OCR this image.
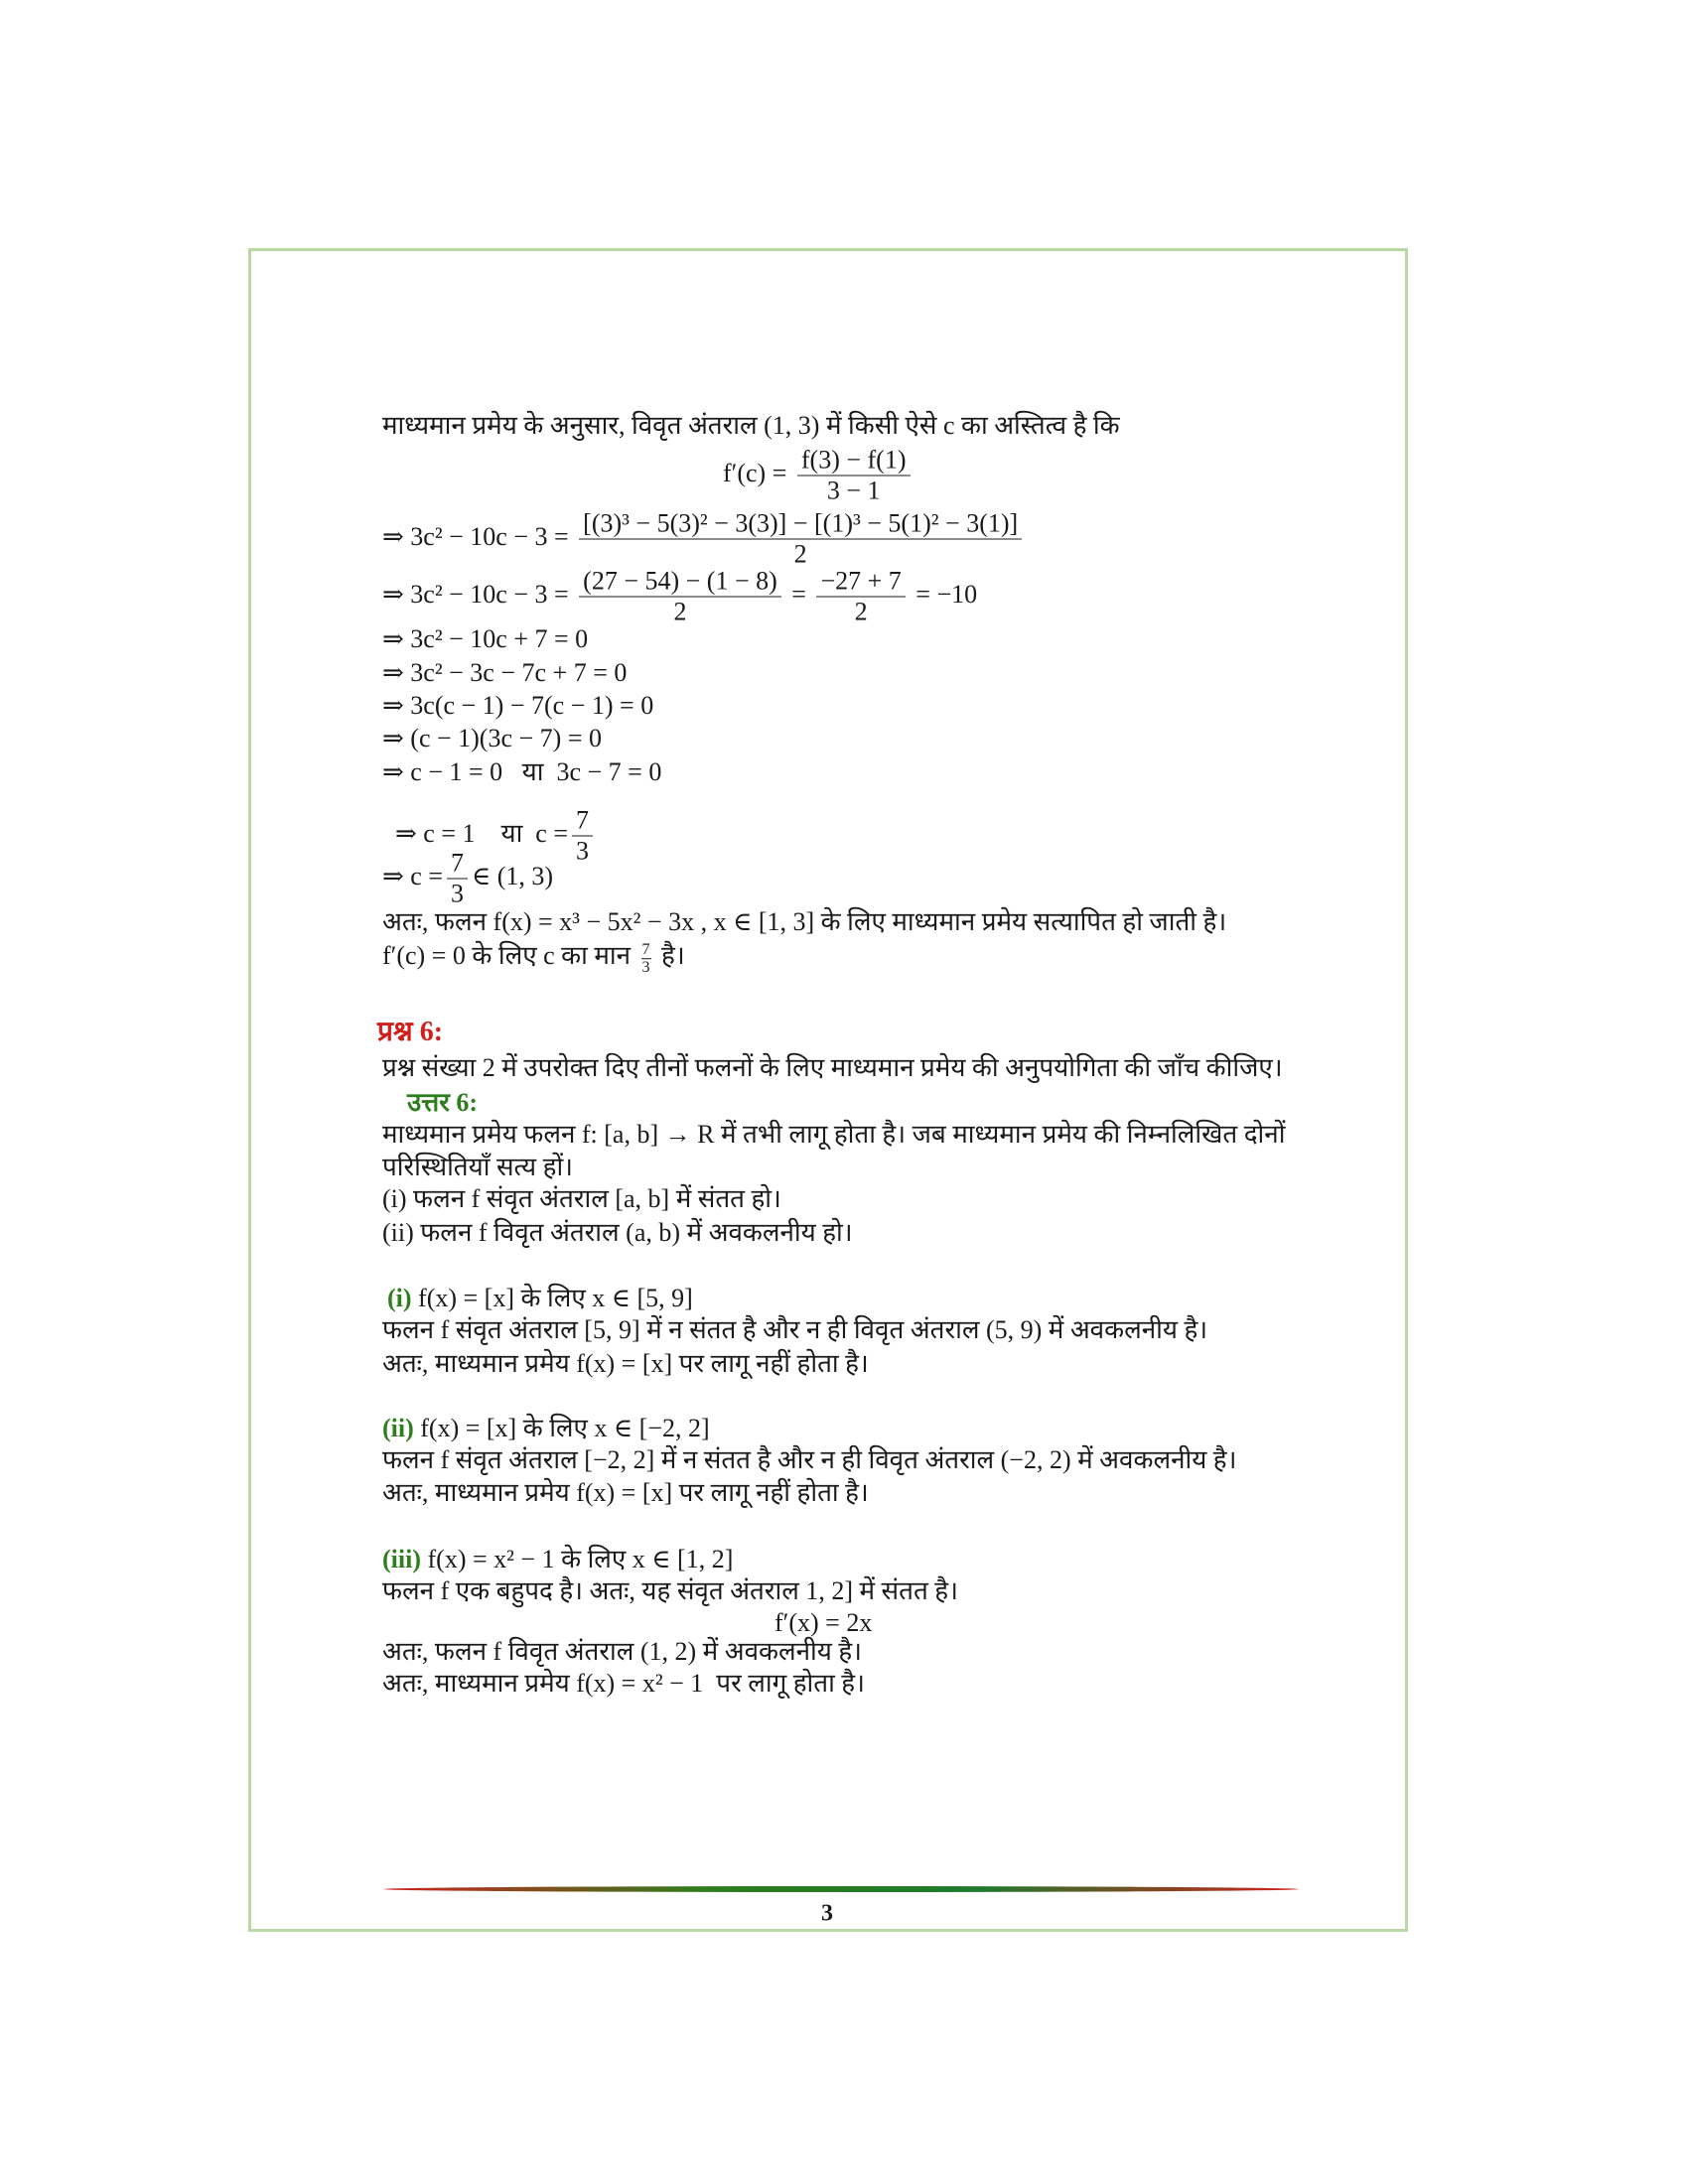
माध्यमान प्रमेय के अनुसार, विवृत अंतराल (1, 3) में किसी ऐसे c का अस्तित्व है कि
$f'(c) = \frac{f(3) - f(1)}{3 - 1}$
⇒ $3c^2 - 10c - 3 = \frac{\text{[(3)³ − 5(3)² − 3(3)] − [(1)³ − 5(1)² − 3(1)]}}{2}$
⇒ $3c^2 - 10c - 3 = \frac{(27 - 54) - (1 - 8)}{2} = \frac{-27 + 7}{2} = -10$
⇒ 3c² − 10c + 7 = 0
⇒ 3c² − 3c − 7c + 7 = 0
⇒ 3c(c − 1) − 7(c − 1) = 0
⇒ (c − 1)(3c − 7) = 0
⇒ c − 1 = 0   या  3c − 7 = 0

⇒ c = 1    या  $c = \frac{7}{3}$

⇒ $c = \frac{7}{3}$ ∈ (1, 3)
अतः, फलन f(x) = x³ − 5x² − 3x , x ∈ [1, 3] के लिए माध्यमान प्रमेय सत्यापित हो जाती है।
f′(c) = 0 के लिए c का मान $\frac{7}{3}$ है।
प्रश्न 6:
प्रश्न संख्या 2 में उपरोक्त दिए तीनों फलनों के लिए माध्यमान प्रमेय की अनुपयोगिता की जाँच कीजिए।
उत्तर 6:
माध्यमान प्रमेय फलन f: [a, b] → R में तभी लागू होता है। जब माध्यमान प्रमेय की निम्नलिखित दोनों
परिस्थितियाँ सत्य हों।
(i) फलन f संवृत अंतराल [a, b] में संतत हो।
(ii) फलन f विवृत अंतराल (a, b) में अवकलनीय हो।
(i) f(x) = [x] के लिए x ∈ [5, 9]
फलन f संवृत अंतराल [5, 9] में न संतत है और न ही विवृत अंतराल (5, 9) में अवकलनीय है।
अतः, माध्यमान प्रमेय f(x) = [x] पर लागू नहीं होता है।
(ii) f(x) = [x] के लिए x ∈ [−2, 2]
फलन f संवृत अंतराल [−2, 2] में न संतत है और न ही विवृत अंतराल (−2, 2) में अवकलनीय है।
अतः, माध्यमान प्रमेय f(x) = [x] पर लागू नहीं होता है।
(iii) f(x) = x² − 1 के लिए x ∈ [1, 2]
फलन f एक बहुपद है। अतः, यह संवृत अंतराल 1, 2] में संतत है।
f′(x) = 2x
अतः, फलन f विवृत अंतराल (1, 2) में अवकलनीय है।
अतः, माध्यमान प्रमेय f(x) = x² − 1  पर लागू होता है।
3
